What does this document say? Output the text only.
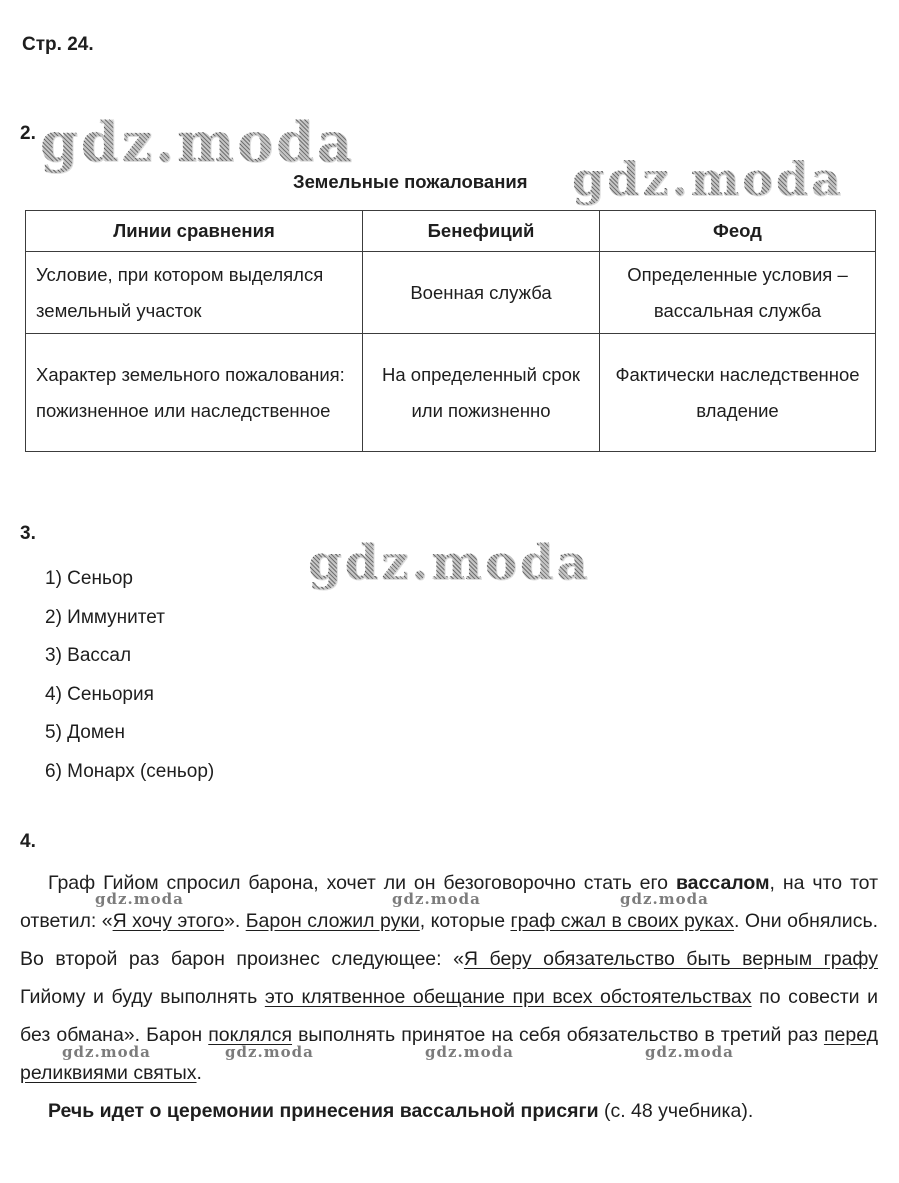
Стр. 24.
2. gdz.moda
gdz.moda
Земельные пожалования
Линии сравнения	Бенефиций	Феод
Условие, при котором выделялся земельный участок	Военная служба	Определенные условия – вассальная служба
Характер земельного пожалования: пожизненное или наследственное	На определенный срок или пожизненно	Фактически наследственное владение
3.
gdz.moda
1) Сеньор
2) Иммунитет
3) Вассал
4) Сеньория
5) Домен
6) Монарх (сеньор)
4.

Граф Гийом спросил барона, хочет ли он безоговорочно стать его вассалом, на что тот ответил: «Я хочу этого». Барон сложил руки, которые граф сжал в своих руках. Они обнялись. Во второй раз барон произнес следующее: «Я беру обязательство быть верным графу Гийому и буду выполнять это клятвенное обещание при всех обстоятельствах по совести и без обмана». Барон поклялся выполнять принятое на себя обязательство в третий раз перед реликвиями святых.

Речь идет о церемонии принесения вассальной присяги (с. 48 учебника).

gdz.moda	gdz.moda	gdz.moda
gdz.moda	gdz.moda	gdz.moda	gdz.moda
